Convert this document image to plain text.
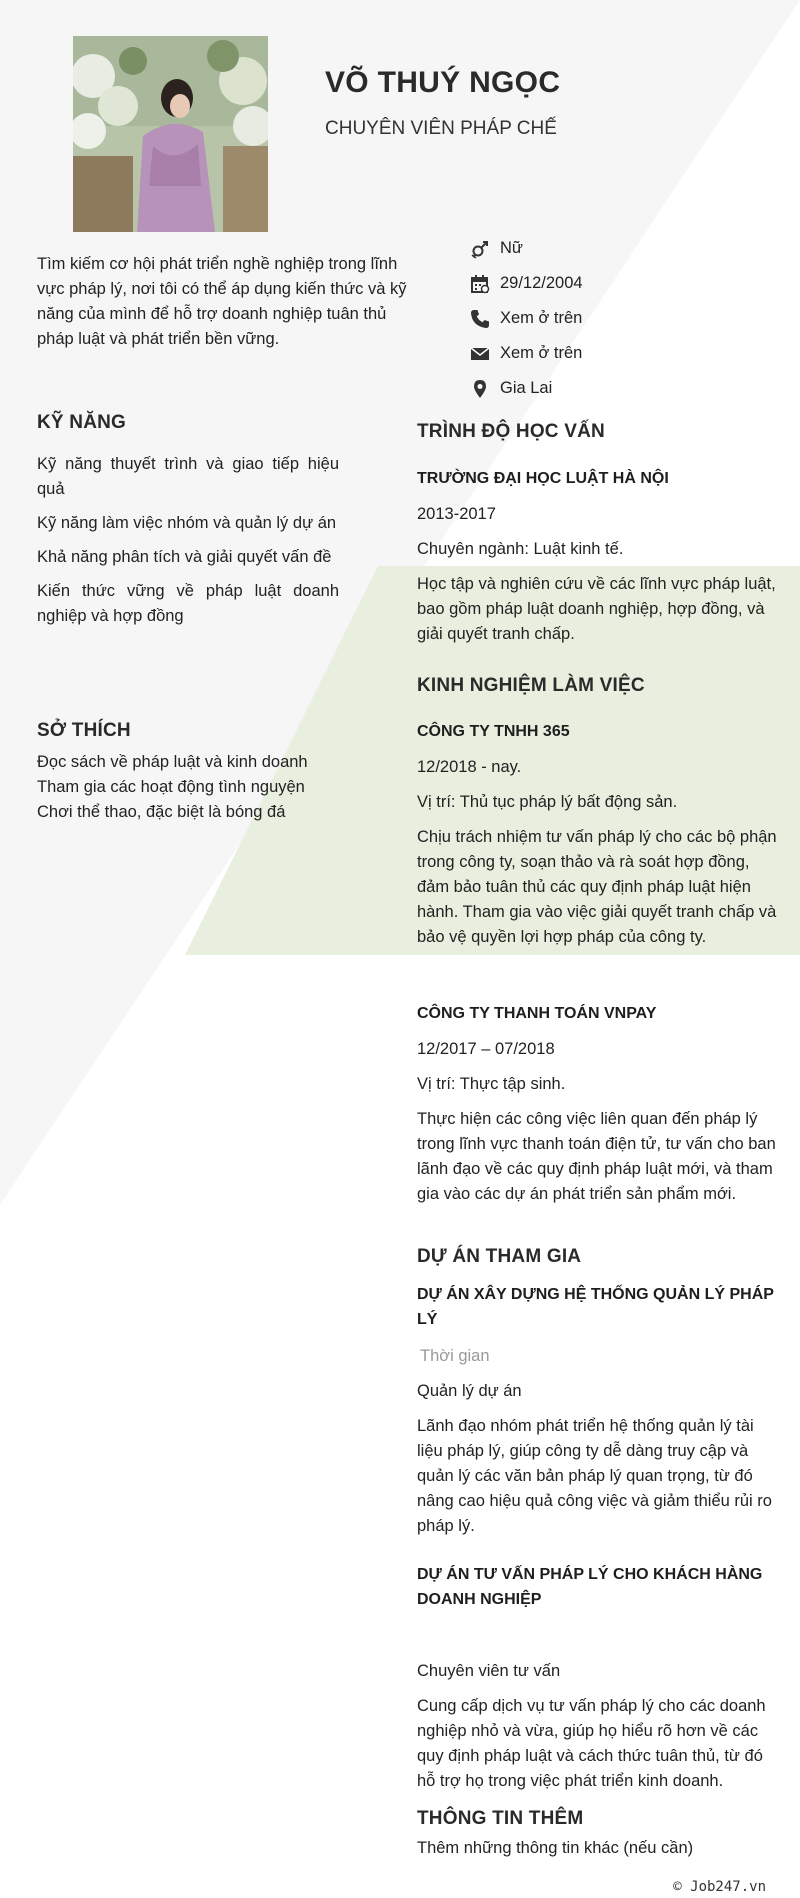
VÕ THUÝ NGỌC
CHUYÊN VIÊN PHÁP CHẾ
Tìm kiếm cơ hội phát triển nghề nghiệp trong lĩnh vực pháp lý, nơi tôi có thể áp dụng kiến thức và kỹ năng của mình để hỗ trợ doanh nghiệp tuân thủ pháp luật và phát triển bền vững.
Nữ
29/12/2004
Xem ở trên
Xem ở trên
Gia Lai
KỸ NĂNG

Kỹ năng thuyết trình và giao tiếp hiệu quả

Kỹ năng làm việc nhóm và quản lý dự án

Khả năng phân tích và giải quyết vấn đề

Kiến thức vững về pháp luật doanh nghiệp và hợp đồng

SỞ THÍCH

Đọc sách về pháp luật và kinh doanh

Tham gia các hoạt động tình nguyện

Chơi thể thao, đặc biệt là bóng đá

TRÌNH ĐỘ HỌC VẤN
TRƯỜNG ĐẠI HỌC LUẬT HÀ NỘI
2013-2017
Chuyên ngành: Luật kinh tế.
Học tập và nghiên cứu về các lĩnh vực pháp luật, bao gồm pháp luật doanh nghiệp, hợp đồng, và giải quyết tranh chấp.
KINH NGHIỆM LÀM VIỆC
CÔNG TY TNHH 365
12/2018 - nay.
Vị trí: Thủ tục pháp lý bất động sản.
Chịu trách nhiệm tư vấn pháp lý cho các bộ phận trong công ty, soạn thảo và rà soát hợp đồng, đảm bảo tuân thủ các quy định pháp luật hiện hành. Tham gia vào việc giải quyết tranh chấp và bảo vệ quyền lợi hợp pháp của công ty.
CÔNG TY THANH TOÁN VNPAY
12/2017 – 07/2018
Vị trí: Thực tập sinh.
Thực hiện các công việc liên quan đến pháp lý trong lĩnh vực thanh toán điện tử, tư vấn cho ban lãnh đạo về các quy định pháp luật mới, và tham gia vào các dự án phát triển sản phẩm mới.
DỰ ÁN THAM GIA
DỰ ÁN XÂY DỰNG HỆ THỐNG QUẢN LÝ PHÁP LÝ
Thời gian
Quản lý dự án
Lãnh đạo nhóm phát triển hệ thống quản lý tài liệu pháp lý, giúp công ty dễ dàng truy cập và quản lý các văn bản pháp lý quan trọng, từ đó nâng cao hiệu quả công việc và giảm thiểu rủi ro pháp lý.
DỰ ÁN TƯ VẤN PHÁP LÝ CHO KHÁCH HÀNG DOANH NGHIỆP
Chuyên viên tư vấn
Cung cấp dịch vụ tư vấn pháp lý cho các doanh nghiệp nhỏ và vừa, giúp họ hiểu rõ hơn về các quy định pháp luật và cách thức tuân thủ, từ đó hỗ trợ họ trong việc phát triển kinh doanh.
THÔNG TIN THÊM
Thêm những thông tin khác (nếu cần)
© Job247.vn
